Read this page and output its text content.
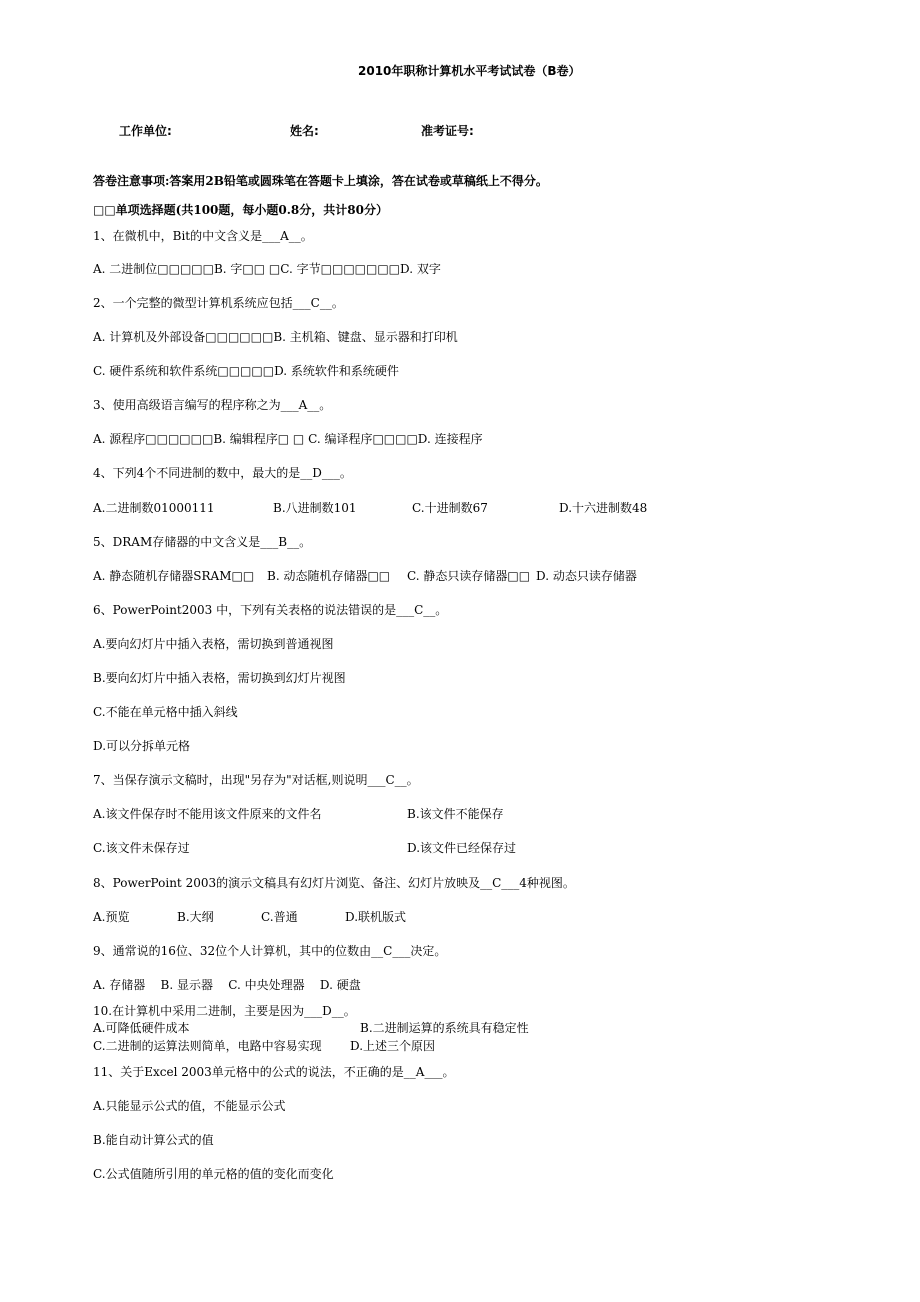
2010年职称计算机水平考试试卷（B卷）
工作单位:	姓名:	准考证号:
答卷注意事项:答案用2B铅笔或圆珠笔在答题卡上填涂，答在试卷或草稿纸上不得分。
□□单项选择题(共100题，每小题0.8分，共计80分）
1、在微机中，Bit的中文含义是___A__。
A. 二进制位□□□□□B. 字□□ □C. 字节□□□□□□□D. 双字
2、一个完整的微型计算机系统应包括___C__。
A. 计算机及外部设备□□□□□□B. 主机箱、键盘、显示器和打印机
C. 硬件系统和软件系统□□□□□D. 系统软件和系统硬件
3、使用高级语言编写的程序称之为___A__。
A. 源程序□□□□□□B. 编辑程序□ □ C. 编译程序□□□□D. 连接程序
4、下列4个不同进制的数中，最大的是__D___。
A.二进制数01000111	B.八进制数101	C.十进制数67	D.十六进制数48
5、DRAM存储器的中文含义是___B__。
A. 静态随机存储器SRAM□□ B. 动态随机存储器□□ C. 静态只读存储器□□ D. 动态只读存储器
6、PowerPoint2003 中，下列有关表格的说法错误的是___C__。
A.要向幻灯片中插入表格，需切换到普通视图
B.要向幻灯片中插入表格，需切换到幻灯片视图
C.不能在单元格中插入斜线
D.可以分拆单元格
7、当保存演示文稿时，出现"另存为"对话框,则说明___C__。
A.该文件保存时不能用该文件原来的文件名	B.该文件不能保存
C.该文件未保存过	D.该文件已经保存过
8、PowerPoint 2003的演示文稿具有幻灯片浏览、备注、幻灯片放映及__C___4种视图。
A.预览	B.大纲	C.普通	D.联机版式
9、通常说的16位、32位个人计算机，其中的位数由__C___决定。
A. 存储器    B. 显示器    C. 中央处理器    D. 硬盘
10.在计算机中采用二进制，主要是因为___D__。
A.可降低硬件成本	B.二进制运算的系统具有稳定性
C.二进制的运算法则简单，电路中容易实现 D.上述三个原因
11、关于Excel 2003单元格中的公式的说法，不正确的是__A___。
A.只能显示公式的值，不能显示公式
B.能自动计算公式的值
C.公式值随所引用的单元格的值的变化而变化
